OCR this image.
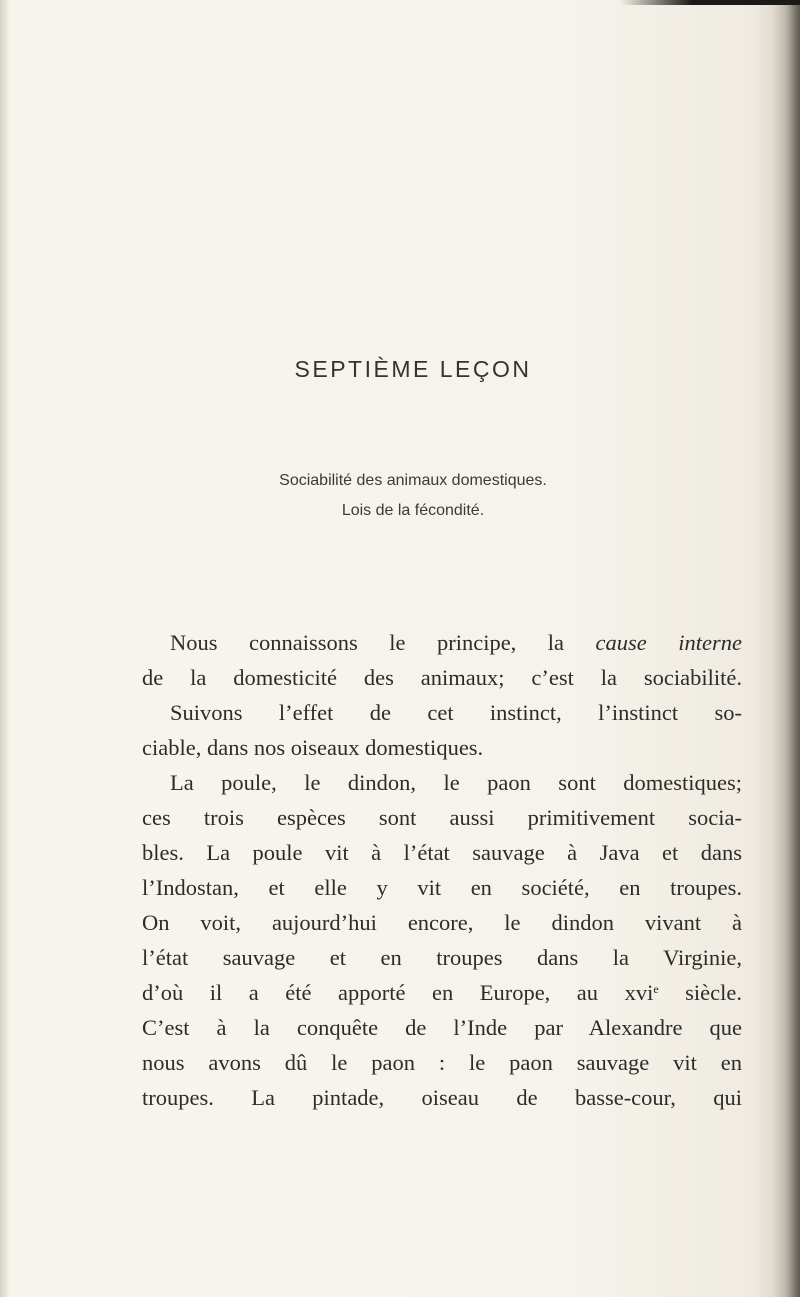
SEPTIÈME LEÇON
Sociabilité des animaux domestiques.
Lois de la fécondité.
Nous connaissons le principe, la cause interne
de la domesticité des animaux; c’est la sociabilité.
Suivons l’effet de cet instinct, l’instinct so-
ciable, dans nos oiseaux domestiques.
La poule, le dindon, le paon sont domestiques;
ces trois espèces sont aussi primitivement socia-
bles. La poule vit à l’état sauvage à Java et dans
l’Indostan, et elle y vit en société, en troupes.
On voit, aujourd’hui encore, le dindon vivant à
l’état sauvage et en troupes dans la Virginie,
d’où il a été apporté en Europe, au xvi$^e$ siècle.
C’est à la conquête de l’Inde par Alexandre que
nous avons dû le paon : le paon sauvage vit en
troupes. La pintade, oiseau de basse-cour, qui
